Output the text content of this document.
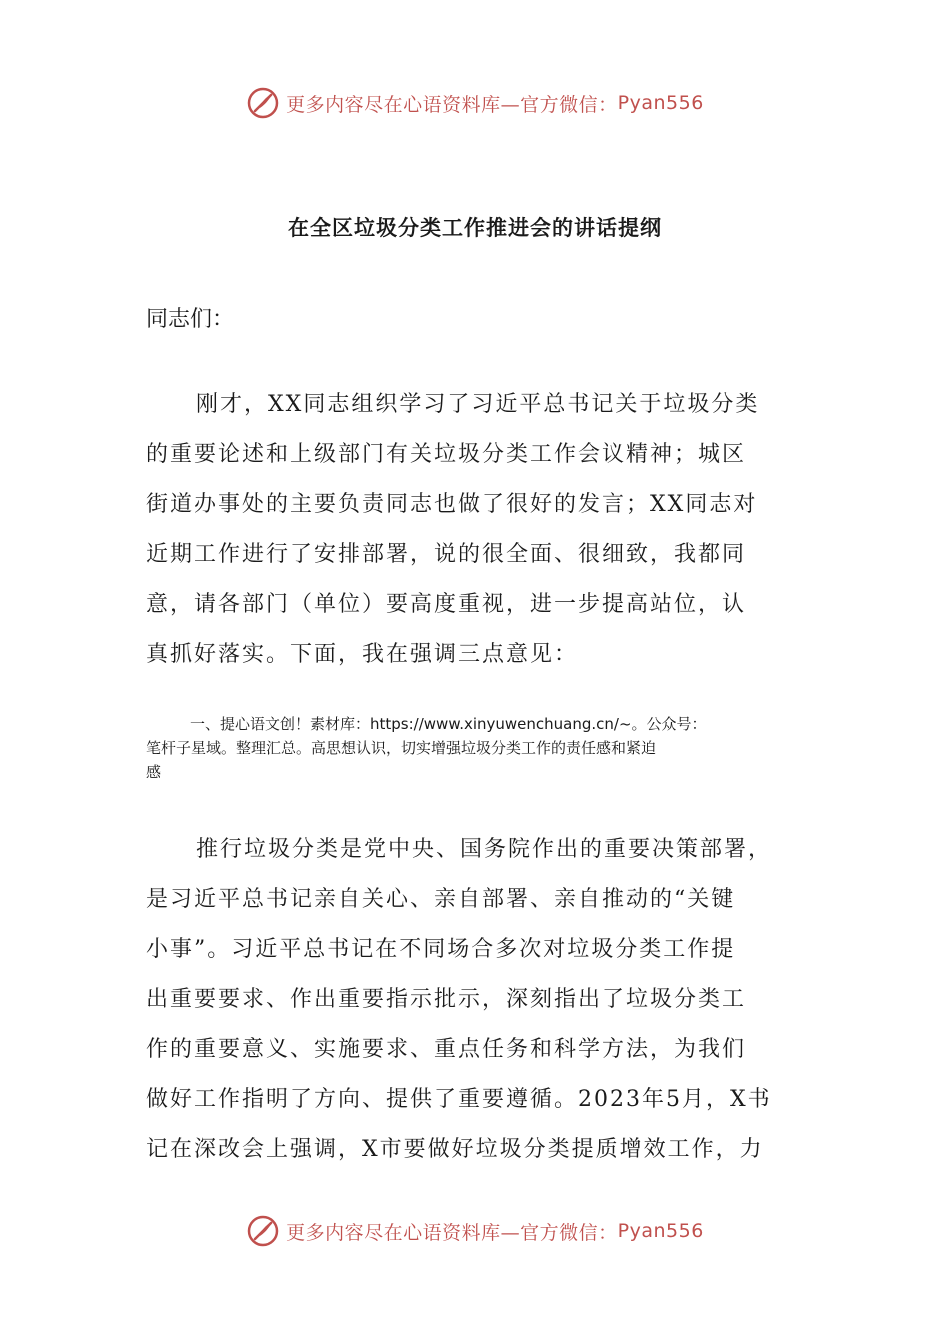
更多内容尽在心语资料库—官方微信： Pyan556
在全区垃圾分类工作推进会的讲话提纲
同志们：
刚才，XX同志组织学习了习近平总书记关于垃圾分类
的重要论述和上级部门有关垃圾分类工作会议精神；城区
街道办事处的主要负责同志也做了很好的发言；XX同志对
近期工作进行了安排部署，说的很全面、很细致，我都同
意，请各部门（单位）要高度重视，进一步提高站位，认
真抓好落实。下面，我在强调三点意见：
一、提心语文创！素材库：https://www.xinyuwenchuang.cn/~。公众号：
笔杆子星域。整理汇总。高思想认识，切实增强垃圾分类工作的责任感和紧迫
感
推行垃圾分类是党中央、国务院作出的重要决策部署，
是习近平总书记亲自关心、亲自部署、亲自推动的“关键
小事”。习近平总书记在不同场合多次对垃圾分类工作提
出重要要求、作出重要指示批示，深刻指出了垃圾分类工
作的重要意义、实施要求、重点任务和科学方法，为我们
做好工作指明了方向、提供了重要遵循。2023年5月，X书
记在深改会上强调，X市要做好垃圾分类提质增效工作，力
更多内容尽在心语资料库—官方微信： Pyan556
